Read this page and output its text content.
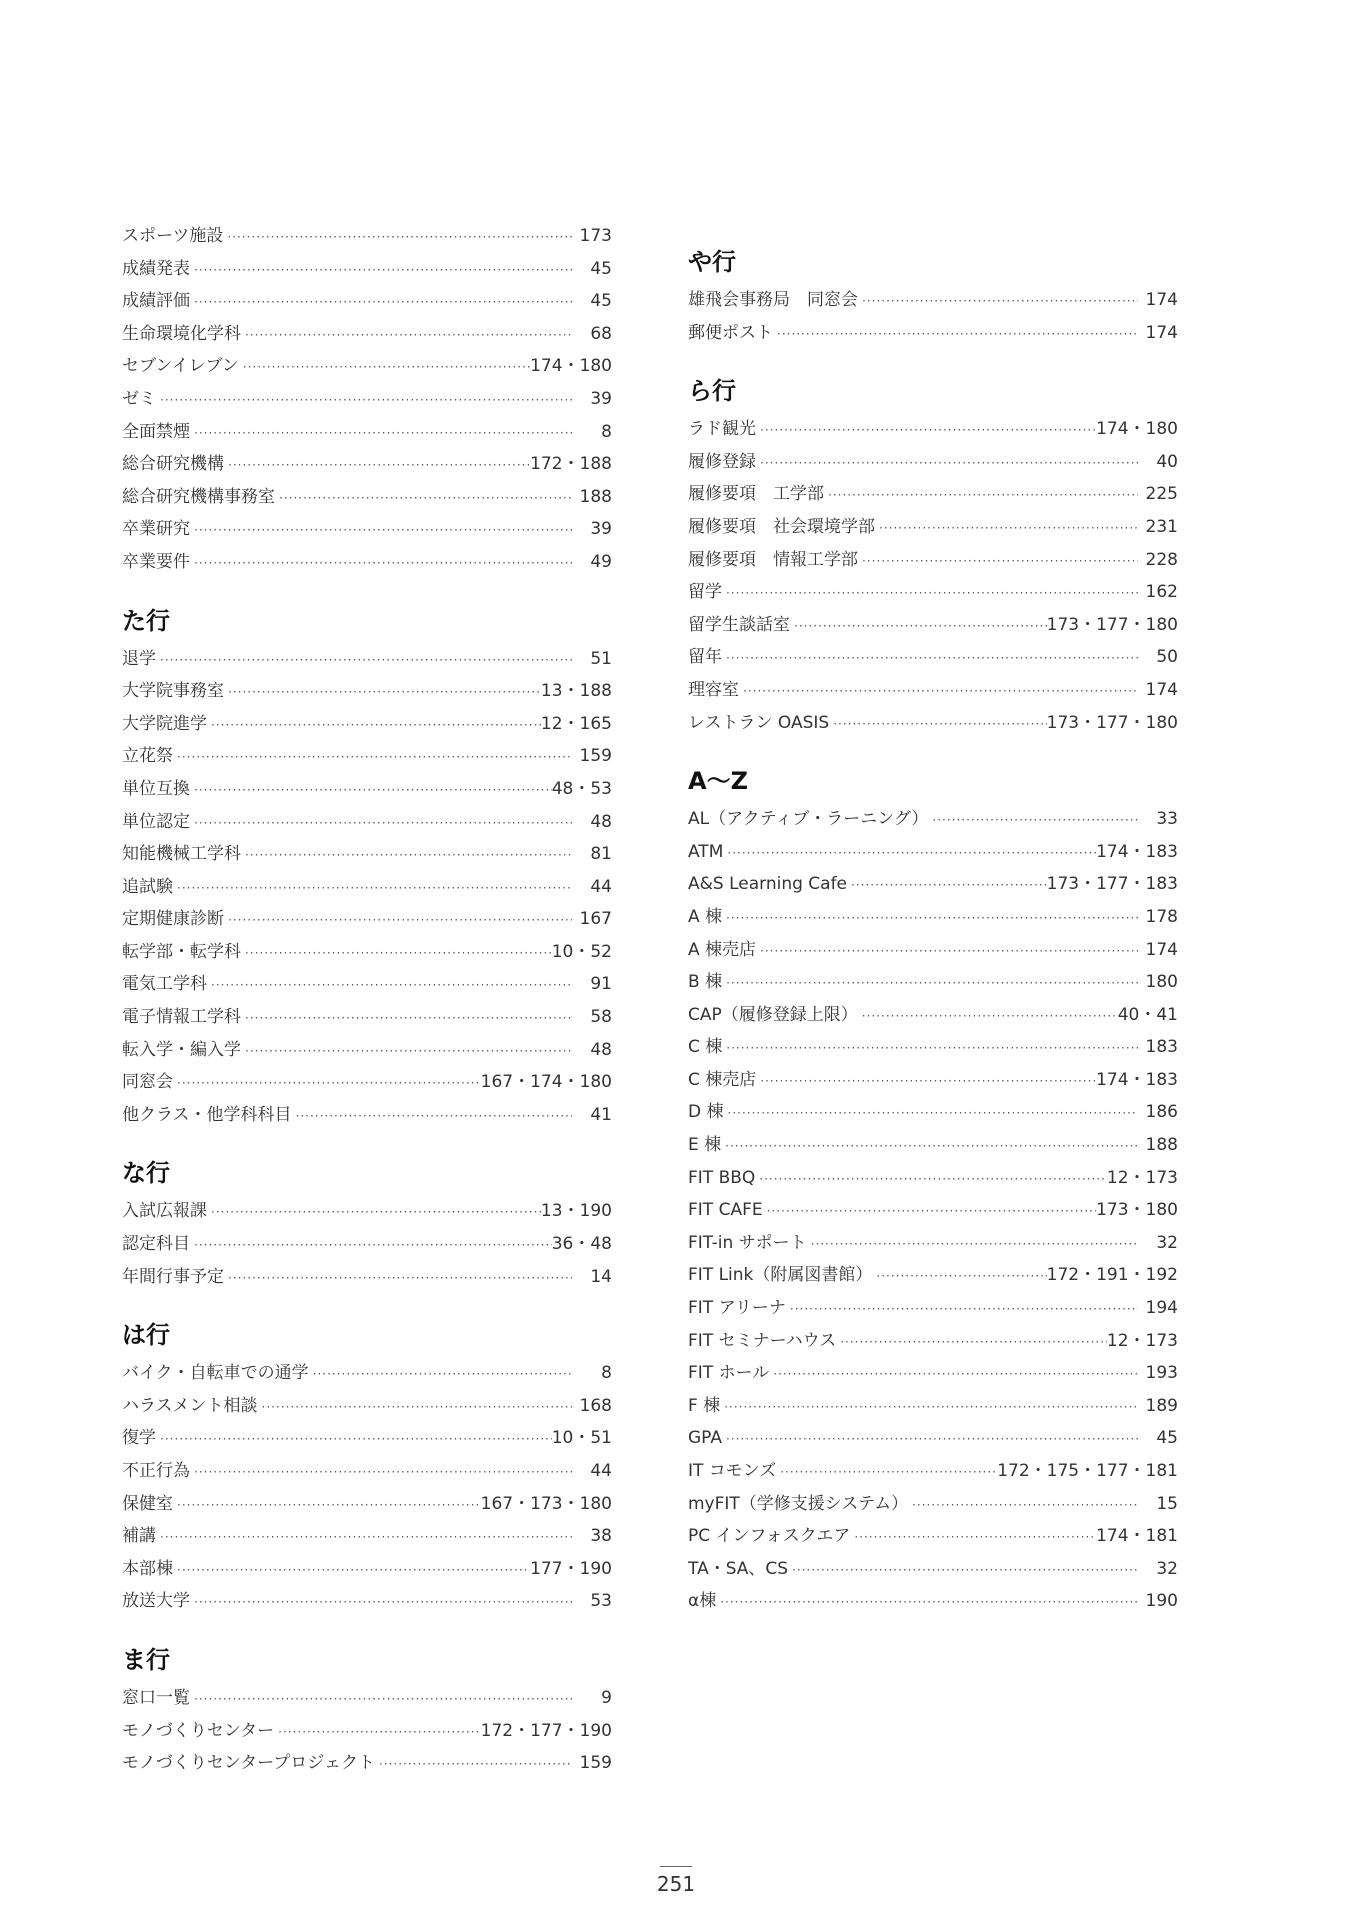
スポーツ施設 ·····	173
成績発表 ·····	45
成績評価 ·····	45
生命環境化学科 ·····	68
セブンイレブン ·····	174・180
ゼミ ·····	39
全面禁煙 ·····	8
総合研究機構 ·····	172・188
総合研究機構事務室 ·····	188
卒業研究 ·····	39
卒業要件 ·····	49
た行
退学 ·····	51
大学院事務室 ·····	13・188
大学院進学 ·····	12・165
立花祭 ·····	159
単位互換 ·····	48・53
単位認定 ·····	48
知能機械工学科 ·····	81
追試験 ·····	44
定期健康診断 ·····	167
転学部・転学科 ·····	10・52
電気工学科 ·····	91
電子情報工学科 ·····	58
転入学・編入学 ·····	48
同窓会 ·····	167・174・180
他クラス・他学科科目 ·····	41
な行
入試広報課 ·····	13・190
認定科目 ·····	36・48
年間行事予定 ·····	14
は行
バイク・自転車での通学 ·····	8
ハラスメント相談 ·····	168
復学 ·····	10・51
不正行為 ·····	44
保健室 ·····	167・173・180
補講 ·····	38
本部棟 ·····	177・190
放送大学 ·····	53
ま行
窓口一覧 ·····	9
モノづくりセンター ·····	172・177・190
モノづくりセンタープロジェクト ·····	159
や行
雄飛会事務局　同窓会 ·····	174
郵便ポスト ·····	174
ら行
ラド観光 ·····	174・180
履修登録 ·····	40
履修要項　工学部 ·····	225
履修要項　社会環境学部 ·····	231
履修要項　情報工学部 ·····	228
留学 ·····	162
留学生談話室 ·····	173・177・180
留年 ·····	50
理容室 ·····	174
レストラン OASIS ·····	173・177・180
A～Z
AL（アクティブ・ラーニング） ·····	33
ATM ·····	174・183
A&S Learning Cafe ·····	173・177・183
A 棟 ·····	178
A 棟売店 ·····	174
B 棟 ·····	180
CAP（履修登録上限） ·····	40・41
C 棟 ·····	183
C 棟売店 ·····	174・183
D 棟 ·····	186
E 棟 ·····	188
FIT BBQ ·····	12・173
FIT CAFE ·····	173・180
FIT-in サポート ·····	32
FIT Link（附属図書館） ·····	172・191・192
FIT アリーナ ·····	194
FIT セミナーハウス ·····	12・173
FIT ホール ·····	193
F 棟 ·····	189
GPA ·····	45
IT コモンズ ·····	172・175・177・181
myFIT（学修支援システム） ·····	15
PC インフォスクエア ·····	174・181
TA・SA、CS ·····	32
α棟 ·····	190
251
